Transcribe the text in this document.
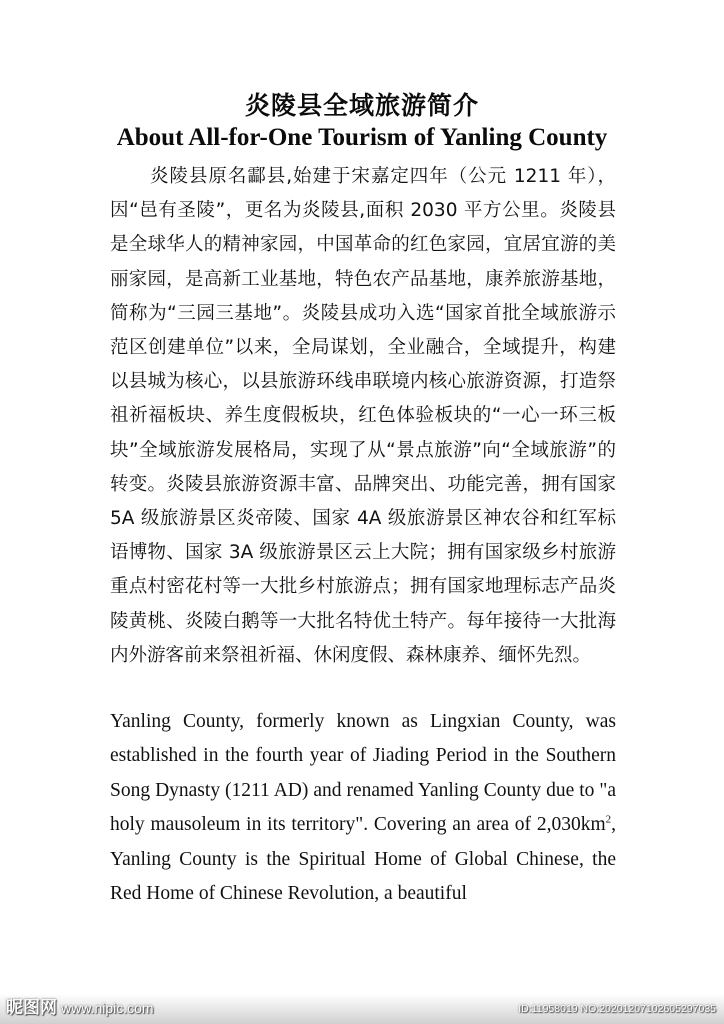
炎陵县全域旅游简介
About All-for-One Tourism of Yanling County

炎陵县原名酃县,始建于宋嘉定四年（公元 1211 年），因“邑有圣陵”，更名为炎陵县,面积 2030 平方公里。炎陵县是全球华人的精神家园，中国革命的红色家园，宜居宜游的美丽家园，是高新工业基地，特色农产品基地，康养旅游基地，简称为“三园三基地”。炎陵县成功入选“国家首批全域旅游示范区创建单位”以来，全局谋划，全业融合，全域提升，构建以县城为核心，以县旅游环线串联境内核心旅游资源，打造祭祖祈福板块、养生度假板块，红色体验板块的“一心一环三板块”全域旅游发展格局，实现了从“景点旅游”向“全域旅游”的转变。炎陵县旅游资源丰富、品牌突出、功能完善，拥有国家 5A 级旅游景区炎帝陵、国家 4A 级旅游景区神农谷和红军标语博物、国家 3A 级旅游景区云上大院；拥有国家级乡村旅游重点村密花村等一大批乡村旅游点；拥有国家地理标志产品炎陵黄桃、炎陵白鹅等一大批名特优土特产。每年接待一大批海内外游客前来祭祖祈福、休闲度假、森林康养、缅怀先烈。

Yanling County, formerly known as Lingxian County, was established in the fourth year of Jiading Period in the Southern Song Dynasty (1211 AD) and renamed Yanling County due to "a holy mausoleum in its territory". Covering an area of $2,030km^2$, Yanling County is the Spiritual Home of Global Chinese, the Red Home of Chinese Revolution, a beautiful

昵图网 www.nipic.com	ID:11958019 NO:20201207102605297035
